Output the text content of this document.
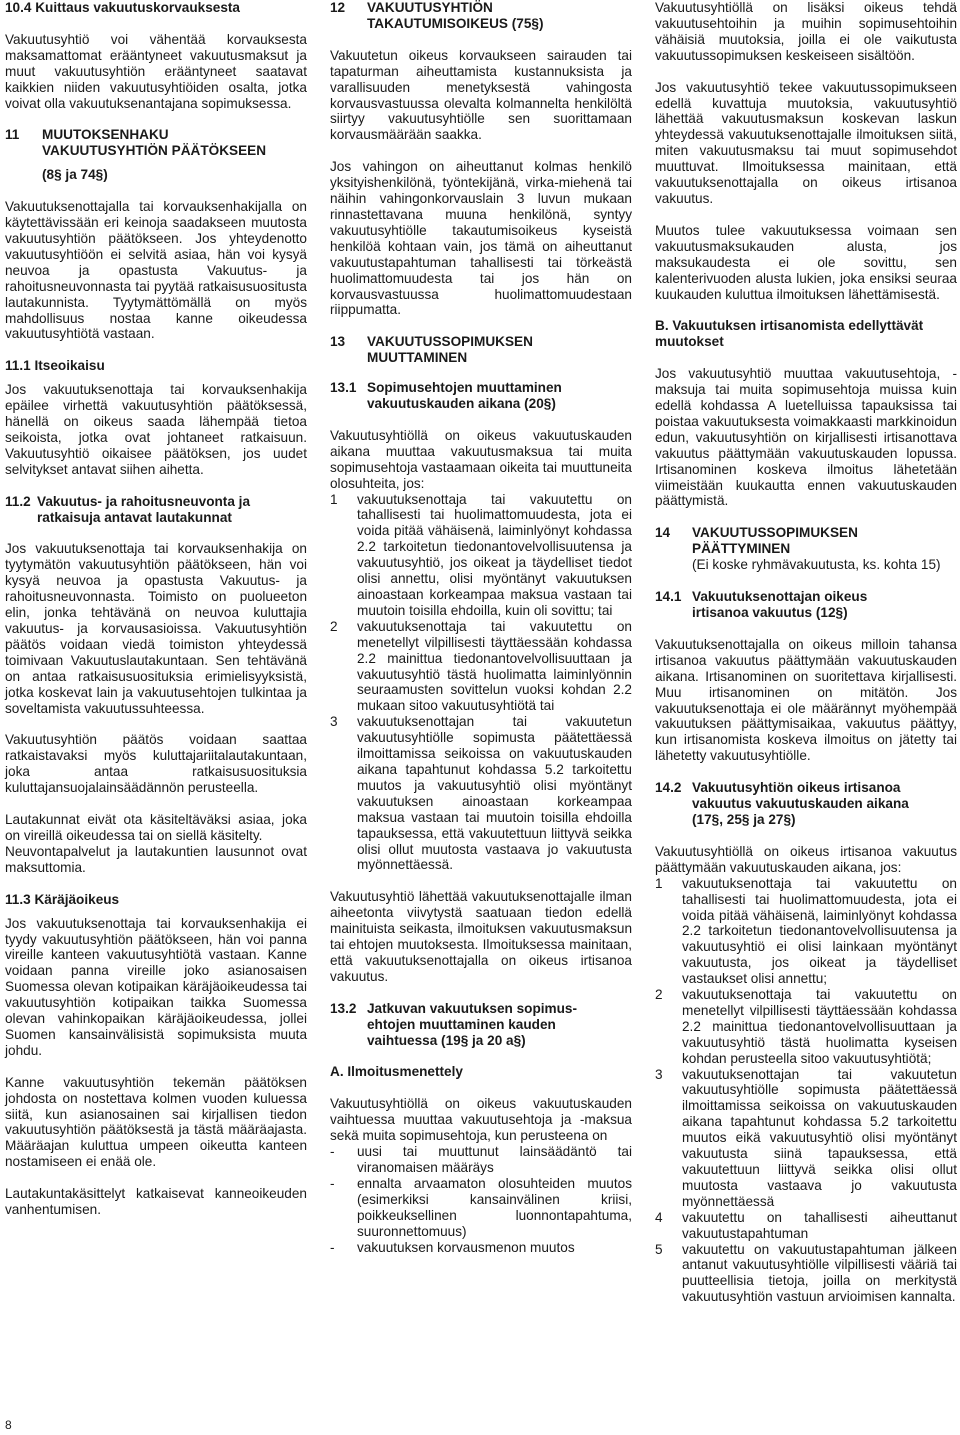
10.4 Kuittaus vakuutuskorvauksesta

Vakuutusyhtiö voi vähentää korvauksesta maksamattomat erääntyneet vakuutusmaksut ja muut vakuutusyhtiön erääntyneet saatavat kaikkien niiden vakuutusyhtiöiden osalta, jotka voivat olla vakuutuksenantajana sopimuksessa.

11	MUUTOKSENHAKU
VAKUUTUSYHTIÖN PÄÄTÖKSEEN
(8§ ja 74§)

Vakuutuksenottajalla tai korvauksenhakijalla on käytettävissään eri keinoja saadakseen muutosta vakuutusyhtiön päätökseen. Jos yhteydenotto vakuutusyhtiöön ei selvitä asiaa, hän voi kysyä neuvoa ja opastusta Vakuutus- ja rahoitusneuvonnasta tai pyytää ratkaisusuositusta lautakunnista. Tyytymättömällä on myös mahdollisuus nostaa kanne oikeudessa vakuutusyhtiötä vastaan.

11.1 Itseoikaisu

Jos vakuutuksenottaja tai korvauksenhakija epäilee virhettä vakuutusyhtiön päätöksessä, hänellä on oikeus saada lähempää tietoa seikoista, jotka ovat johtaneet ratkaisuun. Vakuutusyhtiö oikaisee päätöksen, jos uudet selvitykset antavat siihen aihetta.

11.2 Vakuutus- ja rahoitusneuvonta ja
ratkaisuja antavat lautakunnat

Jos vakuutuksenottaja tai korvauksenhakija on tyytymätön vakuutusyhtiön päätökseen, hän voi kysyä neuvoa ja opastusta Vakuutus- ja rahoitusneuvonnasta. Toimisto on puolueeton elin, jonka tehtävänä on neuvoa kuluttajia vakuutus- ja korvausasioissa. Vakuutusyhtiön päätös voidaan viedä toimiston yhteydessä toimivaan Vakuutuslautakuntaan. Sen tehtävänä on antaa ratkaisusuosituksia erimielisyyksistä, jotka koskevat lain ja vakuutusehtojen tulkintaa ja soveltamista vakuutussuhteessa.

Vakuutusyhtiön päätös voidaan saattaa ratkaistavaksi myös kuluttajariitalautakuntaan, joka antaa ratkaisusuosituksia kuluttajansuojalainsäädännön perusteella.

Lautakunnat eivät ota käsiteltäväksi asiaa, joka on vireillä oikeudessa tai on siellä käsitelty.

Neuvontapalvelut ja lautakuntien lausunnot ovat maksuttomia.

11.3 Käräjäoikeus

Jos vakuutuksenottaja tai korvauksenhakija ei tyydy vakuutusyhtiön päätökseen, hän voi panna vireille kanteen vakuutusyhtiötä vastaan. Kanne voidaan panna vireille joko asianosaisen Suomessa olevan kotipaikan käräjäoikeudessa tai vakuutusyhtiön kotipaikan taikka Suomessa olevan vahinkopaikan käräjäoikeudessa, jollei Suomen kansainvälisistä sopimuksista muuta johdu.

Kanne vakuutusyhtiön tekemän päätöksen johdosta on nostettava kolmen vuoden kuluessa siitä, kun asianosainen sai kirjallisen tiedon vakuutusyhtiön päätöksestä ja tästä määräajasta. Määräajan kuluttua umpeen oikeutta kanteen nostamiseen ei enää ole.

Lautakuntakäsittelyt katkaisevat kanneoikeuden vanhentumisen.

12	VAKUUTUSYHTIÖN
TAKAUTUMISOIKEUS (75§)

Vakuutetun oikeus korvaukseen sairauden tai tapaturman aiheuttamista kustannuksista ja varallisuuden menetyksestä vahingosta korvausvastuussa olevalta kolmannelta henkilöltä siirtyy vakuutusyhtiölle sen suorittamaan korvausmäärään saakka.

Jos vahingon on aiheuttanut kolmas henkilö yksityishenkilönä, työntekijänä, virka-miehenä tai näihin vahingonkorvauslain 3 luvun mukaan rinnastettavana muuna henkilönä, syntyy vakuutusyhtiölle takautumisoikeus kyseistä henkilöä kohtaan vain, jos tämä on aiheuttanut vakuutustapahtuman tahallisesti tai törkeästä huolimattomuudesta tai jos hän on korvausvastuussa huolimattomuudestaan riippumatta.

13	VAKUUTUSSOPIMUKSEN
MUUTTAMINEN
13.1 Sopimusehtojen muuttaminen
vakuutuskauden aikana (20§)

Vakuutusyhtiöllä on oikeus vakuutuskauden aikana muuttaa vakuutusmaksua tai muita sopimusehtoja vastaamaan oikeita tai muuttuneita olosuhteita, jos:

1	vakuutuksenottaja tai vakuutettu on tahallisesti tai huolimattomuudesta, jota ei voida pitää vähäisenä, laiminlyönyt kohdassa 2.2 tarkoitetun tiedonantovelvollisuutensa ja vakuutusyhtiö, jos oikeat ja täydelliset tiedot olisi annettu, olisi myöntänyt vakuutuksen ainoastaan korkeampaa maksua vastaan tai muutoin toisilla ehdoilla, kuin oli sovittu; tai
2	vakuutuksenottaja tai vakuutettu on menetellyt vilpillisesti täyttäessään kohdassa 2.2 mainittua tiedonantovelvollisuuttaan ja vakuutusyhtiö tästä huolimatta laiminlyönnin seuraamusten sovittelun vuoksi kohdan 2.2 mukaan sitoo vakuutusyhtiötä tai
3	vakuutuksenottajan tai vakuutetun vakuutusyhtiölle sopimusta päätettäessä ilmoittamissa seikoissa on vakuutuskauden aikana tapahtunut kohdassa 5.2 tarkoitettu muutos ja vakuutusyhtiö olisi myöntänyt vakuutuksen ainoastaan korkeampaa maksua vastaan tai muutoin toisilla ehdoilla tapauksessa, että vakuutettuun liittyvä seikka olisi ollut muutosta vastaava jo vakuutusta myönnettäessä.

Vakuutusyhtiö lähettää vakuutuksenottajalle ilman aiheetonta viivytystä saatuaan tiedon edellä mainituista seikasta, ilmoituksen vakuutusmaksun tai ehtojen muutoksesta. Ilmoituksessa mainitaan, että vakuutuksenottajalla on oikeus irtisanoa vakuutus.

13.2 Jatkuvan vakuutuksen sopimus-
ehtojen muuttaminen kauden
vaihtuessa (19§ ja 20 a§)
A. Ilmoitusmenettely

Vakuutusyhtiöllä on oikeus vakuutuskauden vaihtuessa muuttaa vakuutusehtoja ja -maksua sekä muita sopimusehtoja, kun perusteena on

-	uusi tai muuttunut lainsäädäntö tai viranomaisen määräys
-	ennalta arvaamaton olosuhteiden muutos (esimerkiksi kansainvälinen kriisi, poikkeuksellinen luonnontapahtuma, suuronnettomuus)
-	vakuutuksen korvausmenon muutos

Vakuutusyhtiöllä on lisäksi oikeus tehdä vakuutusehtoihin ja muihin sopimusehtoihin vähäisiä muutoksia, joilla ei ole vaikutusta vakuutussopimuksen keskeiseen sisältöön.

Jos vakuutusyhtiö tekee vakuutussopimukseen edellä kuvattuja muutoksia, vakuutusyhtiö lähettää vakuutusmaksun koskevan laskun yhteydessä vakuutuksenottajalle ilmoituksen siitä, miten vakuutusmaksu tai muut sopimusehdot muuttuvat. Ilmoituksessa mainitaan, että vakuutuksenottajalla on oikeus irtisanoa vakuutus.

Muutos tulee vakuutuksessa voimaan sen vakuutusmaksukauden alusta, jos maksukaudesta ei ole sovittu, sen kalenterivuoden alusta lukien, joka ensiksi seuraa kuukauden kuluttua ilmoituksen lähettämisestä.

B. Vakuutuksen irtisanomista edellyttävät muutokset

Jos vakuutusyhtiö muuttaa vakuutusehtoja, -maksuja tai muita sopimusehtoja muissa kuin edellä kohdassa A luetelluissa tapauksissa tai poistaa vakuutuksesta voimakkaasti markkinoidun edun, vakuutusyhtiön on kirjallisesti irtisanottava vakuutus päättymään vakuutuskauden lopussa. Irtisanominen koskeva ilmoitus lähetetään viimeistään kuukautta ennen vakuutuskauden päättymistä.

14	VAKUUTUSSOPIMUKSEN
PÄÄTTYMINEN
(Ei koske ryhmävakuutusta, ks. kohta 15)
14.1 Vakuutuksenottajan oikeus
irtisanoa vakuutus (12§)

Vakuutuksenottajalla on oikeus milloin tahansa irtisanoa vakuutus päättymään vakuutuskauden aikana. Irtisanominen on suoritettava kirjallisesti. Muu irtisanominen on mitätön. Jos vakuutuksenottaja ei ole määrännyt myöhempää vakuutuksen päättymisaikaa, vakuutus päättyy, kun irtisanomista koskeva ilmoitus on jätetty tai lähetetty vakuutusyhtiölle.

14.2 Vakuutusyhtiön oikeus irtisanoa
vakuutus vakuutuskauden aikana
(17§, 25§ ja 27§)

Vakuutusyhtiöllä on oikeus irtisanoa vakuutus päättymään vakuutuskauden aikana, jos:

1	vakuutuksenottaja tai vakuutettu on tahallisesti tai huolimattomuudesta, jota ei voida pitää vähäisenä, laiminlyönyt kohdassa 2.2 tarkoitetun tiedonantovelvollisuutensa ja vakuutusyhtiö ei olisi lainkaan myöntänyt vakuutusta, jos oikeat ja täydelliset vastaukset olisi annettu;
2	vakuutuksenottaja tai vakuutettu on menetellyt vilpillisesti täyttäessään kohdassa 2.2 mainittua tiedonantovelvollisuuttaan ja vakuutusyhtiö tästä huolimatta kyseisen kohdan perusteella sitoo vakuutusyhtiötä;
3	vakuutuksenottajan tai vakuutetun vakuutusyhtiölle sopimusta päätettäessä ilmoittamissa seikoissa on vakuutuskauden aikana tapahtunut kohdassa 5.2 tarkoitettu muutos eikä vakuutusyhtiö olisi myöntänyt vakuutusta siinä tapauksessa, että vakuutettuun liittyvä seikka olisi ollut muutosta vastaava jo vakuutusta myönnettäessä
4	vakuutettu on tahallisesti aiheuttanut vakuutustapahtuman
5	vakuutettu on vakuutustapahtuman jälkeen antanut vakuutusyhtiölle vilpillisesti vääriä tai puutteellisia tietoja, joilla on merkitystä vakuutusyhtiön vastuun arvioimisen kannalta.
8
